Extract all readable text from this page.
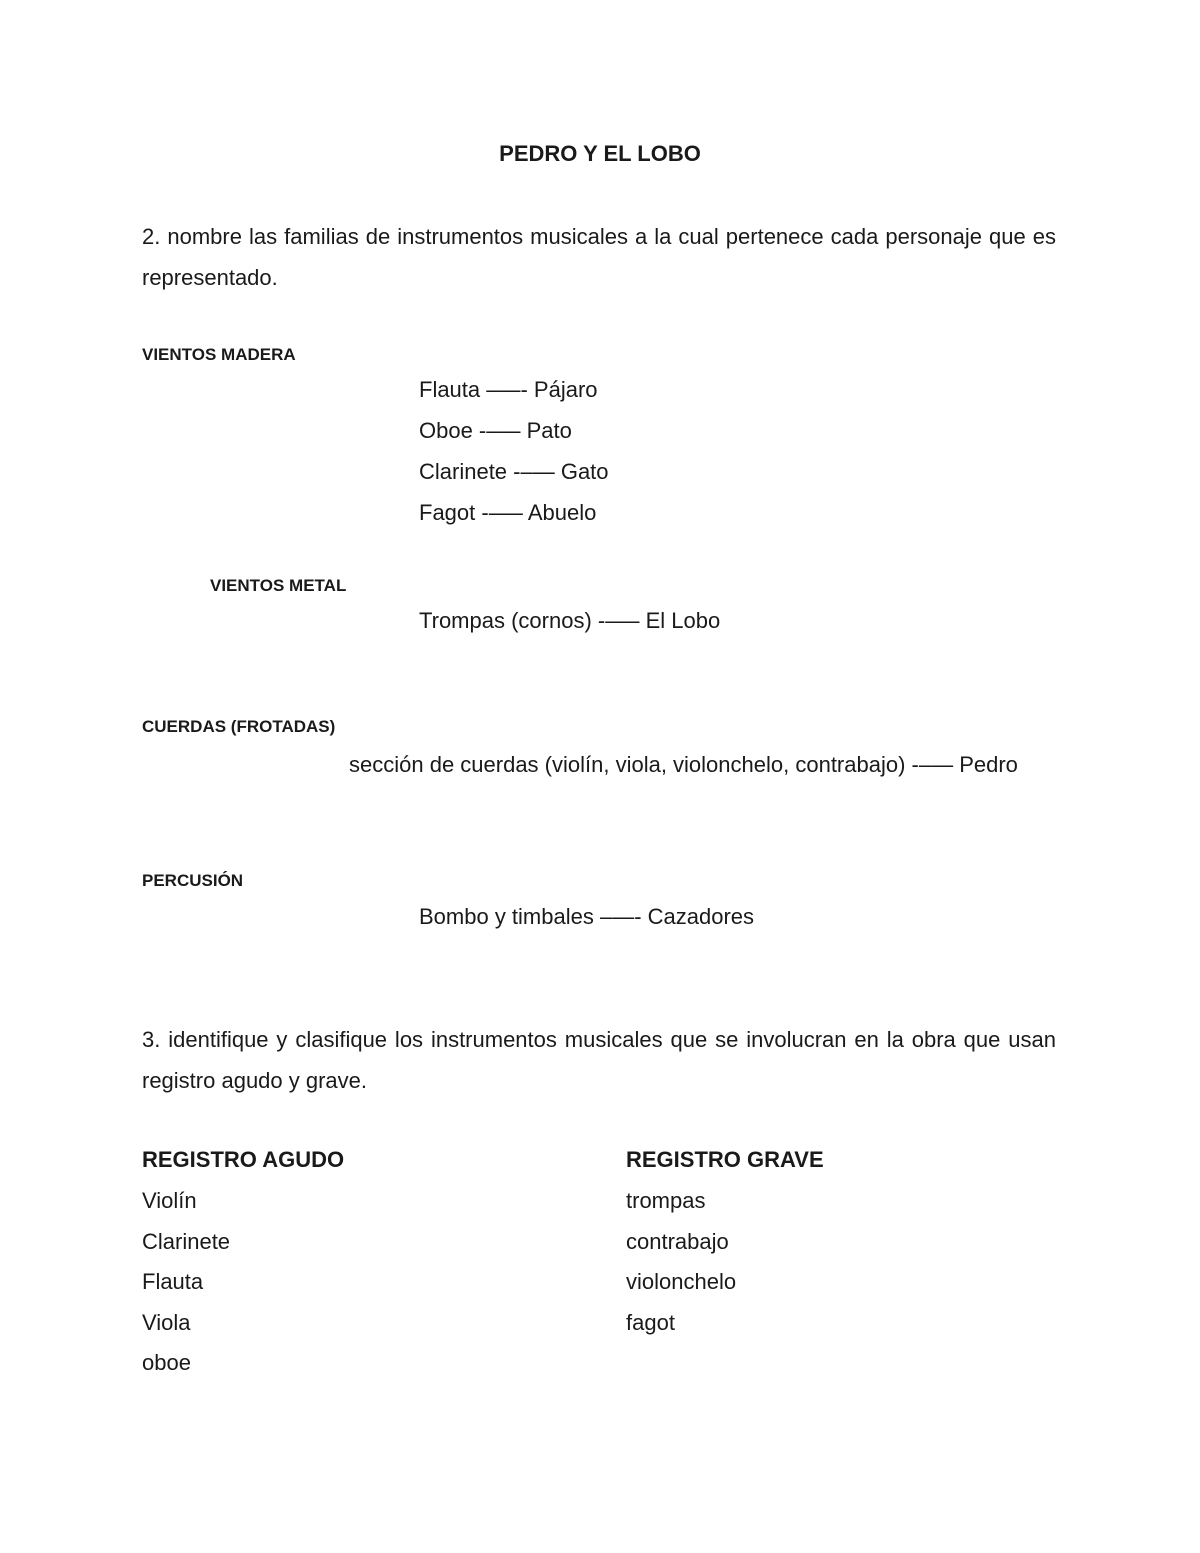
PEDRO Y EL LOBO
2. nombre las familias de instrumentos musicales a la cual pertenece cada personaje que es representado.
VIENTOS MADERA
Flauta –—- Pájaro
Oboe -–— Pato
Clarinete -–— Gato
Fagot -–— Abuelo
VIENTOS METAL
Trompas (cornos) -–— El Lobo
CUERDAS (FROTADAS)
sección de cuerdas (violín, viola, violonchelo, contrabajo) -–— Pedro
PERCUSIÓN
Bombo y timbales –—- Cazadores
3. identifique y clasifique los instrumentos musicales que se involucran en la obra que usan registro agudo y grave.
REGISTRO AGUDO
Violín
Clarinete
Flauta
Viola
oboe
REGISTRO GRAVE
trompas
contrabajo
violonchelo
fagot
